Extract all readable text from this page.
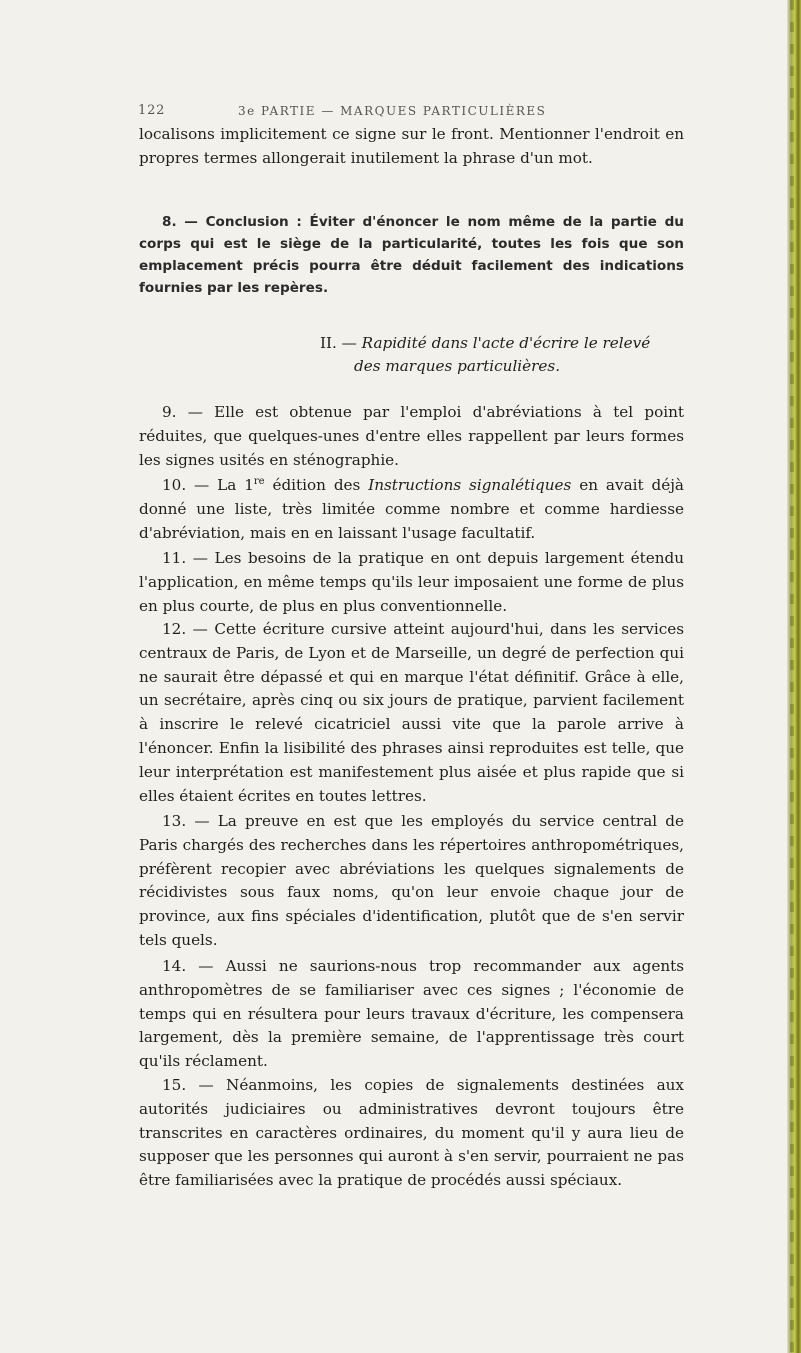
122	3e PARTIE — MARQUES PARTICULIÈRES
localisons implicitement ce signe sur le front. Mentionner l'endroit en propres termes allongerait inutilement la phrase d'un mot.
8. — Conclusion : Éviter d'énoncer le nom même de la partie du corps qui est le siège de la particularité, toutes les fois que son emplacement précis pourra être déduit facilement des indications fournies par les repères.
II. — Rapidité dans l'acte d'écrire le relevé
des marques particulières.
9. — Elle est obtenue par l'emploi d'abréviations à tel point réduites, que quelques-unes d'entre elles rappellent par leurs formes les signes usités en sténographie.
10. — La 1re édition des Instructions signalétiques en avait déjà donné une liste, très limitée comme nombre et comme hardiesse d'abréviation, mais en en laissant l'usage facultatif.
11. — Les besoins de la pratique en ont depuis largement étendu l'application, en même temps qu'ils leur imposaient une forme de plus en plus courte, de plus en plus conventionnelle.
12. — Cette écriture cursive atteint aujourd'hui, dans les services centraux de Paris, de Lyon et de Marseille, un degré de perfection qui ne saurait être dépassé et qui en marque l'état définitif. Grâce à elle, un secrétaire, après cinq ou six jours de pratique, parvient facilement à inscrire le relevé cicatriciel aussi vite que la parole arrive à l'énoncer. Enfin la lisibilité des phrases ainsi reproduites est telle, que leur interprétation est manifestement plus aisée et plus rapide que si elles étaient écrites en toutes lettres.
13. — La preuve en est que les employés du service central de Paris chargés des recherches dans les répertoires anthropométriques, préfèrent recopier avec abréviations les quelques signalements de récidivistes sous faux noms, qu'on leur envoie chaque jour de province, aux fins spéciales d'identification, plutôt que de s'en servir tels quels.
14. — Aussi ne saurions-nous trop recommander aux agents anthropomètres de se familiariser avec ces signes ; l'économie de temps qui en résultera pour leurs travaux d'écriture, les compensera largement, dès la première semaine, de l'apprentissage très court qu'ils réclament.
15. — Néanmoins, les copies de signalements destinées aux autorités judiciaires ou administratives devront toujours être transcrites en caractères ordinaires, du moment qu'il y aura lieu de supposer que les personnes qui auront à s'en servir, pourraient ne pas être familiarisées avec la pratique de procédés aussi spéciaux.
